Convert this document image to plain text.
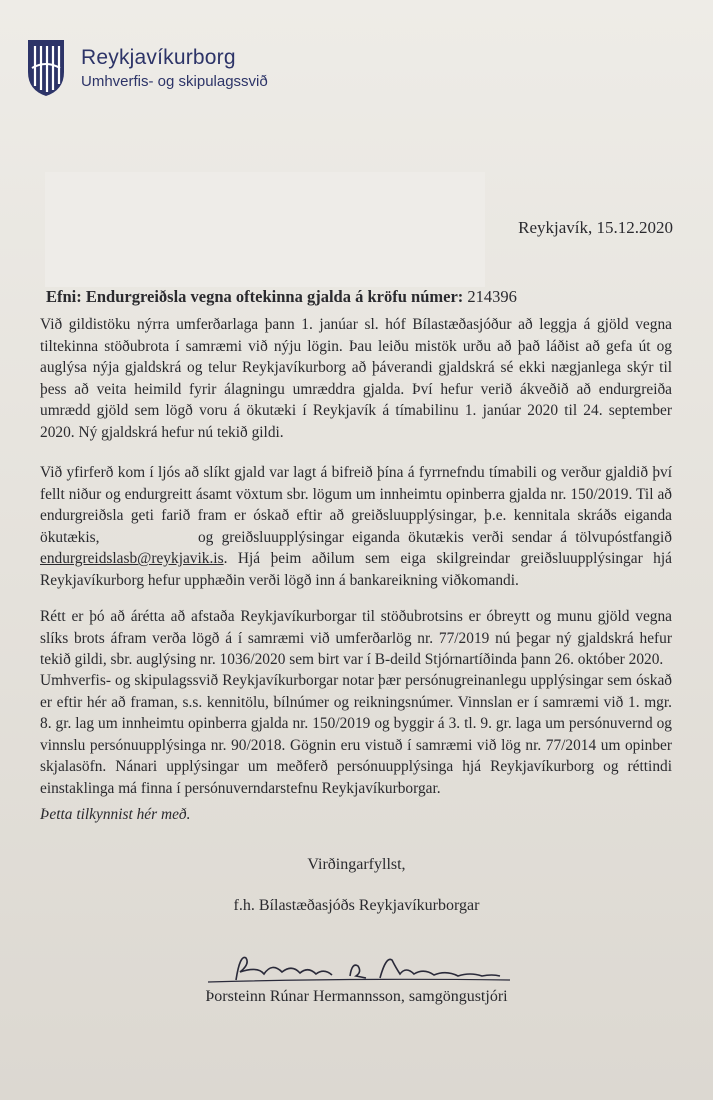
Reykjavíkurborg
Umhverfis- og skipulagssvið
Reykjavík, 15.12.2020
Efni: Endurgreiðsla vegna oftekinna gjalda á kröfu númer: 214396
Við gildistöku nýrra umferðarlaga þann 1. janúar sl. hóf Bílastæðasjóður að leggja á gjöld vegna tiltekinna stöðubrota í samræmi við nýju lögin. Þau leiðu mistök urðu að það láðist að gefa út og auglýsa nýja gjaldskrá og telur Reykjavíkurborg að þáverandi gjaldskrá sé ekki nægjanlega skýr til þess að veita heimild fyrir álagningu umræddra gjalda. Því hefur verið ákveðið að endurgreiða umrædd gjöld sem lögð voru á ökutæki í Reykjavík á tímabilinu 1. janúar 2020 til 24. september 2020. Ný gjaldskrá hefur nú tekið gildi.
Við yfirferð kom í ljós að slíkt gjald var lagt á bifreið þína á fyrrnefndu tímabili og verður gjaldið því fellt niður og endurgreitt ásamt vöxtum sbr. lögum um innheimtu opinberra gjalda nr. 150/2019. Til að endurgreiðsla geti farið fram er óskað eftir að greiðsluupplýsingar, þ.e. kennitala skráðs eiganda ökutækis,	og greiðsluupplýsingar eiganda ökutækis verði sendar á tölvupóstfangið endurgreidslasb@reykjavik.is. Hjá þeim aðilum sem eiga skilgreindar greiðsluupplýsingar hjá Reykjavíkurborg hefur upphæðin verði lögð inn á bankareikning viðkomandi.
Rétt er þó að árétta að afstaða Reykjavíkurborgar til stöðubrotsins er óbreytt og munu gjöld vegna slíks brots áfram verða lögð á í samræmi við umferðarlög nr. 77/2019 nú þegar ný gjaldskrá hefur tekið gildi, sbr. auglýsing nr. 1036/2020 sem birt var í B-deild Stjórnartíðinda þann 26. október 2020.
Umhverfis- og skipulagssvið Reykjavíkurborgar notar þær persónugreinanlegu upplýsingar sem óskað er eftir hér að framan, s.s. kennitölu, bílnúmer og reikningsnúmer. Vinnslan er í samræmi við 1. mgr. 8. gr. lag um innheimtu opinberra gjalda nr. 150/2019 og byggir á 3. tl. 9. gr. laga um persónuvernd og vinnslu persónuupplýsinga nr. 90/2018. Gögnin eru vistuð í samræmi við lög nr. 77/2014 um opinber skjalasöfn. Nánari upplýsingar um meðferð persónuupplýsinga hjá Reykjavíkurborg og réttindi einstaklinga má finna í persónuverndarstefnu Reykjavíkurborgar.
Þetta tilkynnist hér með.
Virðingarfyllst,
f.h. Bílastæðasjóðs Reykjavíkurborgar
Þorsteinn Rúnar Hermannsson, samgöngustjóri
